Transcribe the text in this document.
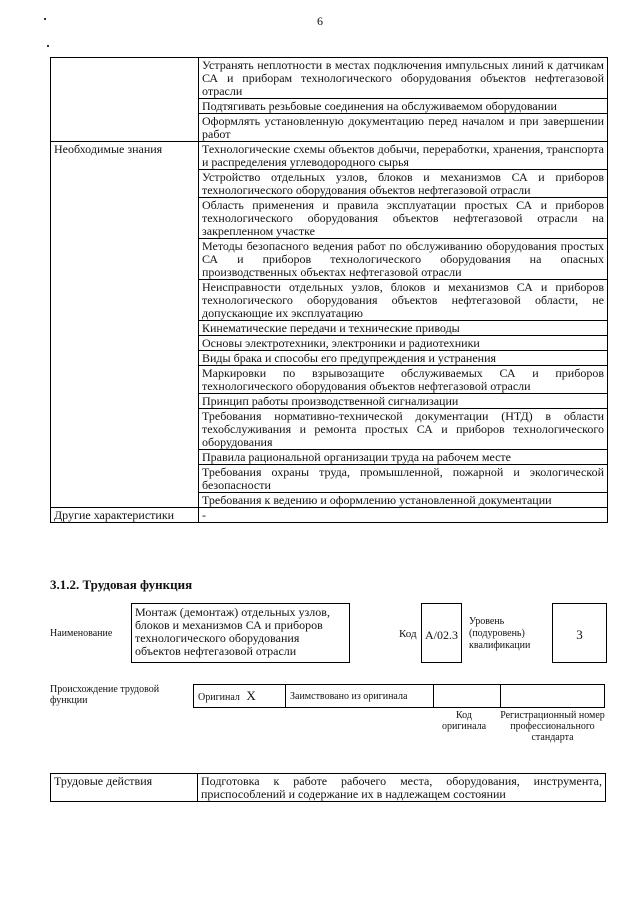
6
	Устранять неплотности в местах подключения импульсных линий к датчикам СА и приборам технологического оборудования объектов нефтегазовой отрасли
	Подтягивать резьбовые соединения на обслуживаемом оборудовании
	Оформлять установленную документацию перед началом и при завершении работ
Необходимые знания	Технологические схемы объектов добычи, переработки, хранения, транспорта и распределения углеводородного сырья
	Устройство отдельных узлов, блоков и механизмов СА и приборов технологического оборудования объектов нефтегазовой отрасли
	Область применения и правила эксплуатации простых СА и приборов технологического оборудования объектов нефтегазовой отрасли на закрепленном участке
	Методы безопасного ведения работ по обслуживанию оборудования простых СА и приборов технологического оборудования на опасных производственных объектах нефтегазовой отрасли
	Неисправности отдельных узлов, блоков и механизмов СА и приборов технологического оборудования объектов нефтегазовой области, не допускающие их эксплуатацию
	Кинематические передачи и технические приводы
	Основы электротехники, электроники и радиотехники
	Виды брака и способы его предупреждения и устранения
	Маркировки по взрывозащите обслуживаемых СА и приборов технологического оборудования объектов нефтегазовой отрасли
	Принцип работы производственной сигнализации
	Требования нормативно-технической документации (НТД) в области техобслуживания и ремонта простых СА и приборов технологического оборудования
	Правила рациональной организации труда на рабочем месте
	Требования охраны труда, промышленной, пожарной и экологической безопасности
	Требования к ведению и оформлению установленной документации
Другие характеристики	-
3.1.2. Трудовая функция
Наименование
Монтаж (демонтаж) отдельных узлов, блоков и механизмов СА и приборов технологического оборудования объектов нефтегазовой отрасли
Код A/02.3
Уровень (подуровень) квалификации
3
Происхождение трудовой функции	Оригинал X	Заимствовано из оригинала		
Код оригинала
Регистрационный номер профессионального стандарта
Трудовые действия	Подготовка к работе рабочего места, оборудования, инструмента, приспособлений и содержание их в надлежащем состоянии
